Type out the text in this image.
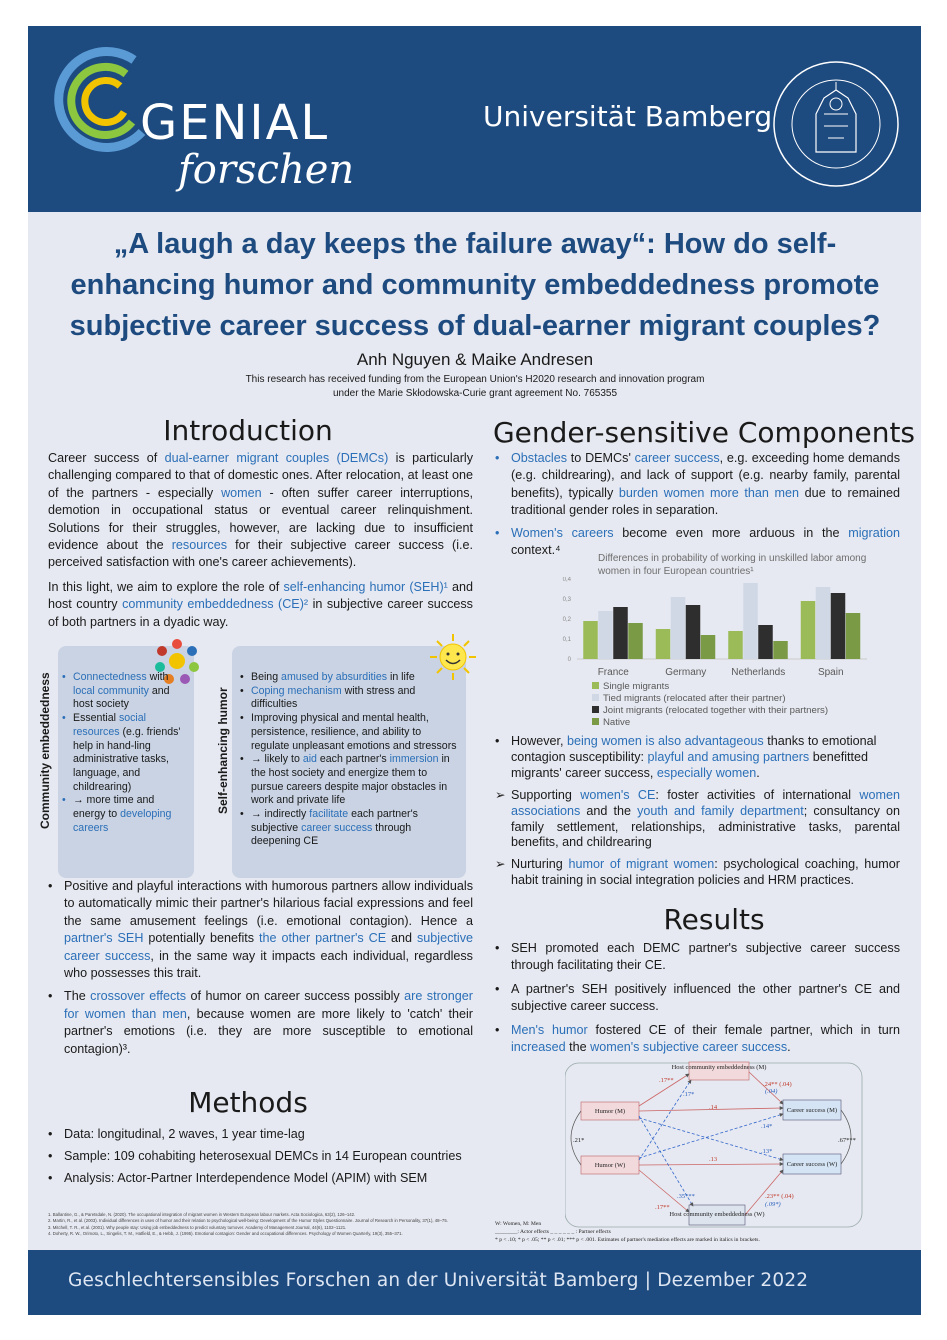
GENIAL
forschen
Universität Bamberg
„A laugh a day keeps the failure away“: How do self-enhancing humor and community embeddedness promote subjective career success of dual-earner migrant couples?
Anh Nguyen & Maike Andresen
This research has received funding from the European Union's H2020 research and innovation program
under the Marie Skłodowska-Curie grant agreement No. 765355
Introduction
Career success of dual-earner migrant couples (DEMCs) is particularly challenging compared to that of domestic ones. After relocation, at least one of the partners - especially women - often suffer career interruptions, demotion in occupational status or eventual career relinquishment. Solutions for their struggles, however, are lacking due to insufficient evidence about the resources for their subjective career success (i.e. perceived satisfaction with one's career achievements).
In this light, we aim to explore the role of self-enhancing humor (SEH)¹ and host country community embeddedness (CE)² in subjective career success of both partners in a dyadic way.
Community embeddedness
•	Connectedness with local community and host society
• Essential social resources (e.g. friends' help in hand-ling administrative tasks, language, and childrearing)
• → more time and energy to developing careers
Self-enhancing humor
• Being amused by absurdities in life
• Coping mechanism with stress and difficulties
• Improving physical and mental health, persistence, resilience, and ability to regulate unpleasant emotions and stressors
• → likely to aid each partner's immersion in the host society and energize them to pursue careers despite major obstacles in work and private life
• → indirectly facilitate each partner's subjective career success through deepening CE
• Positive and playful interactions with humorous partners allow individuals to automatically mimic their partner's hilarious facial expressions and feel the same amusement feelings (i.e. emotional contagion). Hence a partner's SEH potentially benefits the other partner's CE and subjective career success, in the same way it impacts each individual, regardless who possesses this trait.
• The crossover effects of humor on career success possibly are stronger for women than men, because women are more likely to 'catch' their partner's emotions (i.e. they are more susceptible to emotional contagion)³.
Methods
• Data: longitudinal, 2 waves, 1 year time-lag
• Sample: 109 cohabiting heterosexual DEMCs in 14 European countries
• Analysis: Actor-Partner Interdependence Model (APIM) with SEM
1. Ballantine, G., & Paretsdale, N. (2020). The occupational integration of migrant women in Western European labour markets. Acta Sociologica, 63(2), 126–142.
2. Martin, R., et al. (2003). Individual differences in uses of humor and their relation to psychological well-being: Development of the Humor Styles Questionnaire. Journal of Research in Personality, 37(1), 48–75.
3. Mitchell, T. R., et al. (2001). Why people stay: Using job embeddedness to predict voluntary turnover. Academy of Management Journal, 44(6), 1102–1121.
4. Doherty, R. W., Orimoto, L., Singelis, T. M., Hatfield, E., & Hebb, J. (1995). Emotional contagion: Gender and occupational differences. Psychology of Women Quarterly, 19(3), 355–371.
Gender-sensitive Components
• Obstacles to DEMCs' career success, e.g. exceeding home demands (e.g. childrearing), and lack of support (e.g. nearby family, parental benefits), typically burden women more than men due to remained traditional gender roles in separation.
• Women's careers become even more arduous in the migration context.⁴
Differences in probability of working in unskilled labor among women in four European countries¹
0
0,1
0,2
0,3
0,4
France	Germany	Netherlands	Spain
Single migrants
Tied migrants (relocated after their partner)
Joint migrants (relocated together with their partners)
Native
• However, being women is also advantageous thanks to emotional contagion susceptibility: playful and amusing partners benefitted migrants' career success, especially women.
➢ Supporting women's CE: foster activities of international women associations and the youth and family department; consultancy on family settlement, relationships, administrative tasks, parental benefits, and childrearing
➢ Nurturing humor of migrant women: psychological coaching, humor habit training in social integration policies and HRM practices.
Results
• SEH promoted each DEMC partner's subjective career success through facilitating their CE.
• A partner's SEH positively influenced the other partner's CE and subjective career success.
• Men's humor fostered CE of their female partner, which in turn increased the women's subjective career success.
Host community embeddedness (M)
Humor (M)	Career success (M)
Humor (W)	Career success (W)
Host community embeddedness (W)
.17**
.24** (.04)
.14
.13
.17**
.23** (.04)
.17*	(.04)
.14*
.13*
.35***
(.09*)
.21*	.67***
W: Women, M: Men
________: Actor effects _ _ _ _ _ _ : Partner effects
* p < .10; * p < .05; ** p < .01; *** p < .001. Estimates of partner's mediation effects are marked in italics in brackets.
Geschlechtersensibles Forschen an der Universität Bamberg | Dezember 2022
